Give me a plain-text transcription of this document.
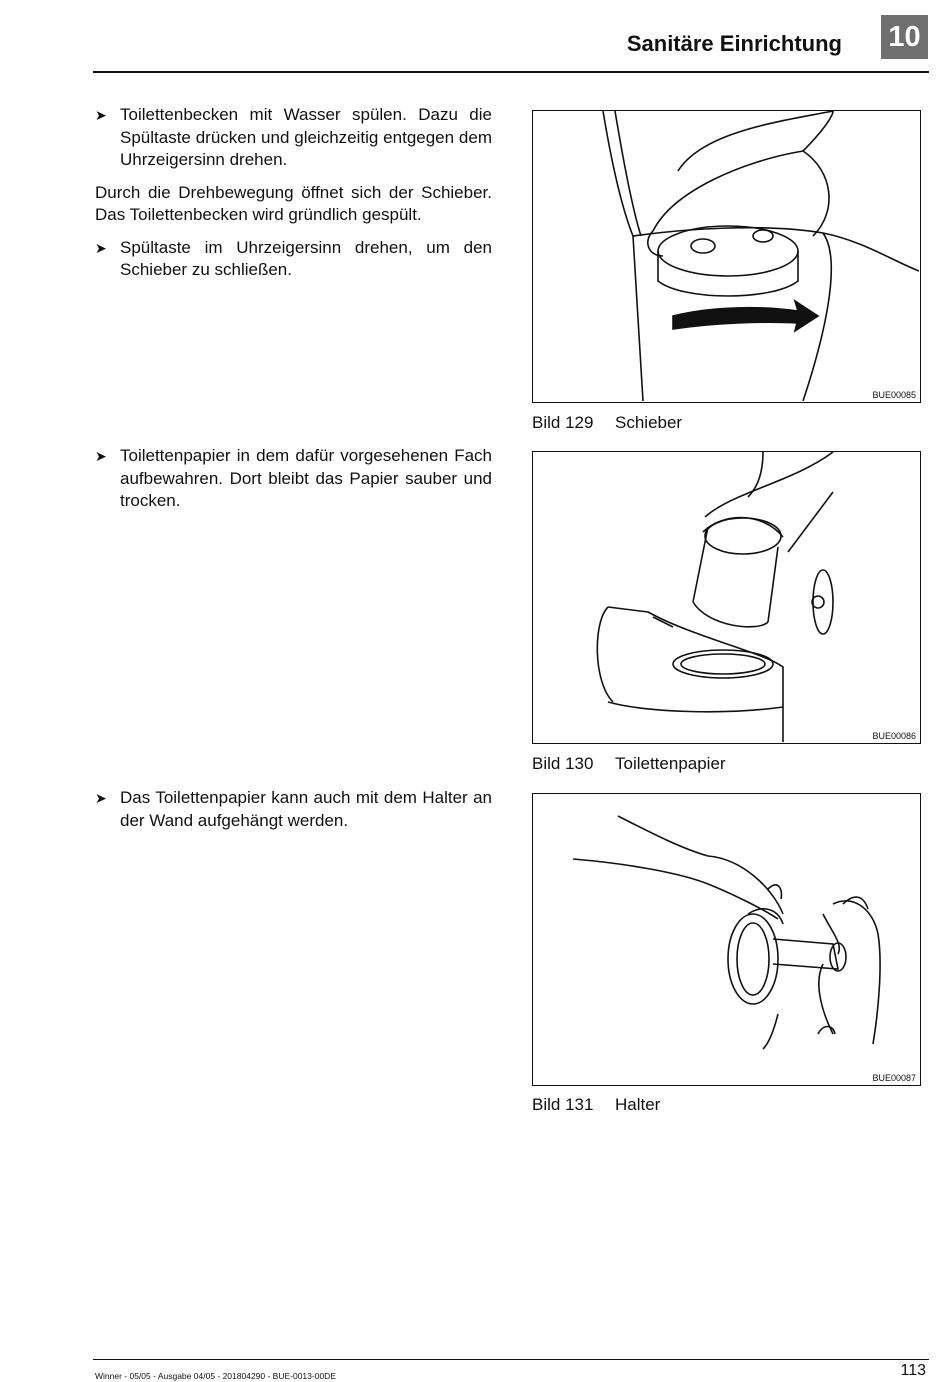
Sanitäre Einrichtung 10

➤ Toilettenbecken mit Wasser spülen. Dazu die Spültaste drücken und gleichzeitig entgegen dem Uhrzeigersinn drehen.

Durch die Drehbewegung öffnet sich der Schieber. Das Toilettenbecken wird gründlich gespült.

➤ Spültaste im Uhrzeigersinn drehen, um den Schieber zu schließen.

➤ Toilettenpapier in dem dafür vorgesehenen Fach aufbewahren. Dort bleibt das Papier sauber und trocken.

➤ Das Toilettenpapier kann auch mit dem Halter an der Wand aufgehängt werden.

BUE00085
Bild 129 Schieber
BUE00086
Bild 130 Toilettenpapier
BUE00087
Bild 131 Halter
Winner - 05/05 - Ausgabe 04/05 - 201804290 - BUE-0013-00DE	113
